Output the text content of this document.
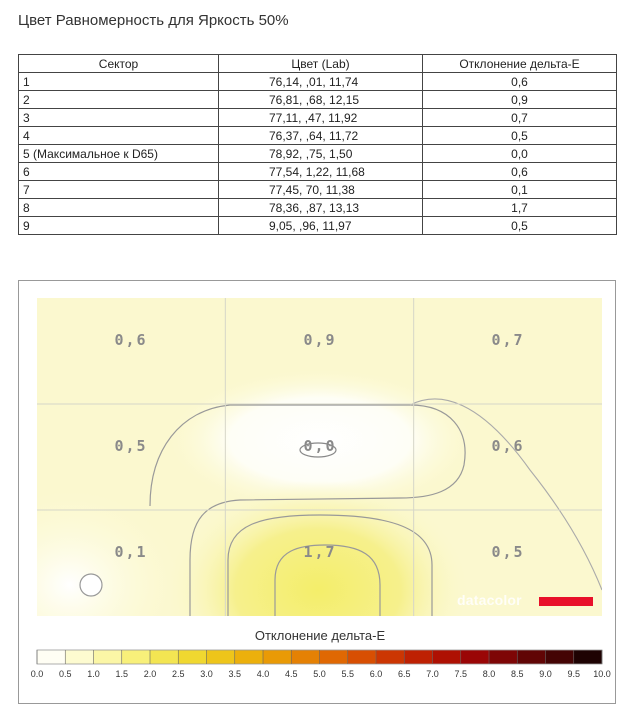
Цвет Равномерность для Яркость 50%
Сектор	Цвет (Lab)	Отклонение дельта-E
1	76,14, ,01, 11,74	0,6
2	76,81, ,68, 12,15	0,9
3	77,11, ,47, 11,92	0,7
4	76,37, ,64, 11,72	0,5
5 (Максимальное к D65)	78,92, ,75, 1,50	0,0
6	77,54, 1,22, 11,68	0,6
7	77,45, 70, 11,38	0,1
8	78,36, ,87, 13,13	1,7
9	9,05, ,96, 11,97	0,5
0,6	0,9	0,7
0,5	0,0	0,6
0,1	1,7	0,5
0.0 0.5 1.0 1.5 2.0 2.5 3.0 3.5 4.0 4.5 5.0 5.5 6.0 6.5 7.0 7.5 8.0 8.5 9.0 9.5 10.0
datacolor
Отклонение дельта-E
